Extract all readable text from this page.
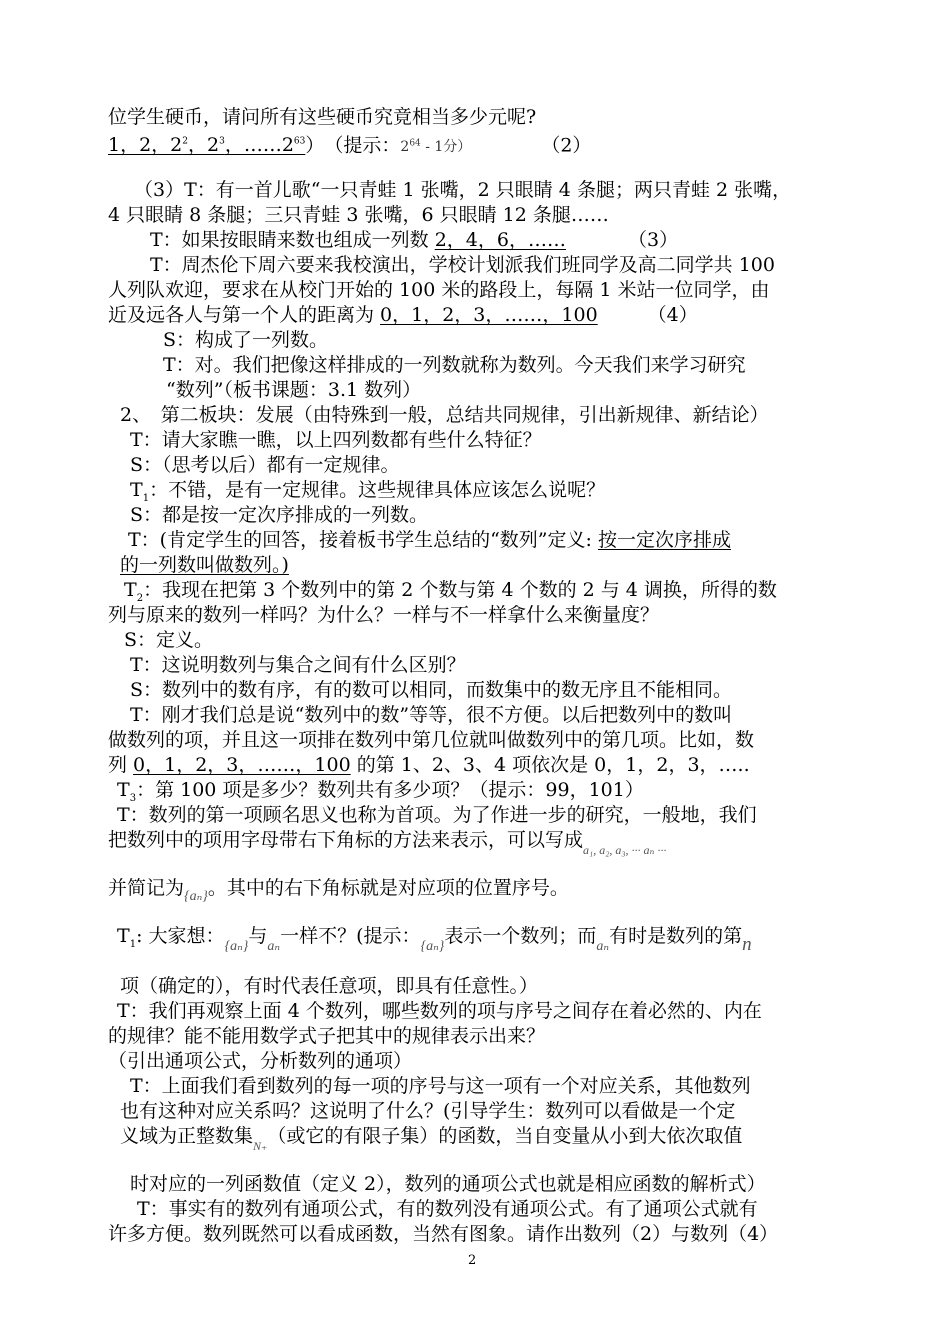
位学生硬币，请问所有这些硬币究竟相当多少元呢?
1，2，$2^2$，$2^3$，$\dots\dots 2^{63}$）　（提示：$2^{64} - 1$分）	（2）
（3）T：有一首儿歌“一只青蛙 1 张嘴，2 只眼睛 4 条腿；两只青蛙 2 张嘴，
4 只眼睛 8 条腿；三只青蛙 3 张嘴，6 只眼睛 12 条腿……
T：如果按眼睛来数也组成一列数 2，4，6，……	（3）
T：周杰伦下周六要来我校演出，学校计划派我们班同学及高二同学共 100
人列队欢迎，要求在从校门开始的 100 米的路段上，每隔 1 米站一位同学，由
近及远各人与第一个人的距离为 0，1，2，3，……，100	（4）
S：构成了一列数。
T：对。我们把像这样排成的一列数就称为数列。今天我们来学习研究
“数列”（板书课题：3.1 数列）
2、　第二板块：发展（由特殊到一般，总结共同规律，引出新规律、新结论）
T：请大家瞧一瞧，以上四列数都有些什么特征？
S：（思考以后）都有一定规律。
$T_1$：不错，是有一定规律。这些规律具体应该怎么说呢？
S：都是按一定次序排成的一列数。
T：(肯定学生的回答，接着板书学生总结的“数列”定义: 按一定次序排成
的一列数叫做数列。)
$T_2$：我现在把第 3 个数列中的第 2 个数与第 4 个数的 2 与 4 调换，所得的数
列与原来的数列一样吗？为什么？一样与不一样拿什么来衡量度？
S：定义。
T：这说明数列与集合之间有什么区别？
S：数列中的数有序，有的数可以相同，而数集中的数无序且不能相同。
T：刚才我们总是说“数列中的数”等等，很不方便。以后把数列中的数叫
做数列的项，并且这一项排在数列中第几位就叫做数列中的第几项。比如，数
列 0，1，2，3，……，100 的第 1、2、3、4 项依次是 0，1，2，3，…..
$T_3$：第 100 项是多少？数列共有多少项？（提示：99，101）
T：数列的第一项顾名思义也称为首项。为了作进一步的研究，一般地，我们
把数列中的项用字母带右下角标的方法来表示，可以写成$_{a_1, a_2, a_3, \cdot\cdot\cdot a_n \cdot\cdot\cdot}$
并简记为$_{\{a_n\}}$。其中的右下角标就是对应项的位置序号。
$T_1$: 大家想：$_{\{a_n\}}$与$_{a_n}$一样不？(提示：$_{\{a_n\}}$表示一个数列；而$_{a_n}$有时是数列的第n
项（确定的），有时代表任意项，即具有任意性。）
T：我们再观察上面 4 个数列，哪些数列的项与序号之间存在着必然的、内在
的规律？能不能用数学式子把其中的规律表示出来？
（引出通项公式，分析数列的通项）
T：上面我们看到数列的每一项的序号与这一项有一个对应关系，其他数列
也有这种对应关系吗？这说明了什么？(引导学生：数列可以看做是一个定
义域为正整数集$_{N_+}$（或它的有限子集）的函数，当自变量从小到大依次取值
时对应的一列函数值（定义 2），数列的通项公式也就是相应函数的解析式）
T：事实有的数列有通项公式，有的数列没有通项公式。有了通项公式就有
许多方便。数列既然可以看成函数，当然有图象。请作出数列（2）与数列（4）
2
